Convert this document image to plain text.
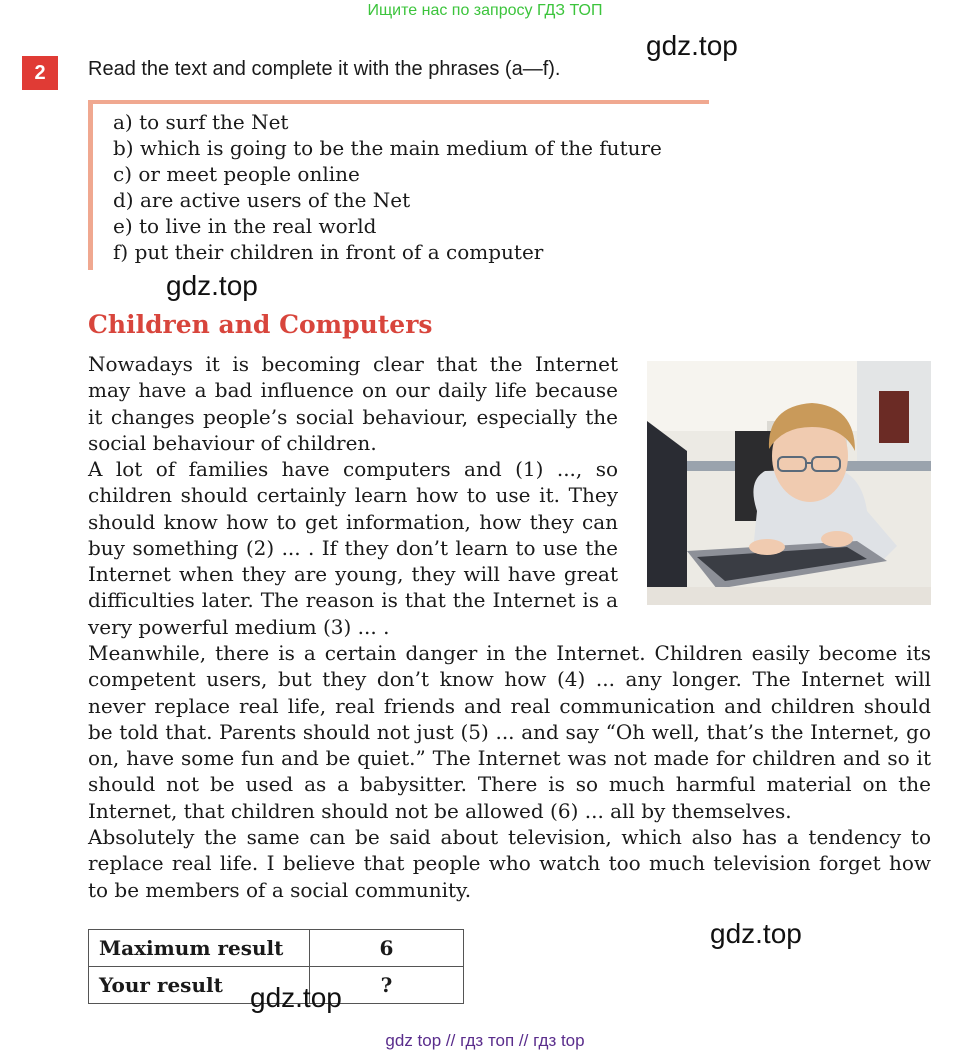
Ищите нас по запросу ГДЗ ТОП
gdz.top
2	Read the text and complete it with the phrases (a—f).
a) to surf the Net
b) which is going to be the main medium of the future
c) or meet people online
d) are active users of the Net
e) to live in the real world
f) put their children in front of a computer
gdz.top
Children and Computers

Nowadays it is becoming clear that the Internet may have a bad influence on our daily life because it changes people’s social behaviour, especially the social behaviour of children.

A lot of families have computers and (1) ..., so children should certainly learn how to use it. They should know how to get information, how they can buy something (2) ... . If they don’t learn to use the Internet when they are young, they will have great difficulties later. The reason is that the Internet is a very powerful medium (3) ... .

Meanwhile, there is a certain danger in the Internet. Children easily become its competent users, but they don’t know how (4) ... any longer. The Internet will never replace real life, real friends and real communication and children should be told that. Parents should not just (5) ... and say “Oh well, that’s the Internet, go on, have some fun and be quiet.” The Internet was not made for children and so it should not be used as a babysitter. There is so much harmful material on the Internet, that children should not be allowed (6) ... all by themselves.

Absolutely the same can be said about television, which also has a tendency to replace real life. I believe that people who watch too much television forget how to be members of a social community.

Maximum result	6
Your result	?
gdz.top
gdz.top
gdz top // гдз топ // гдз top
